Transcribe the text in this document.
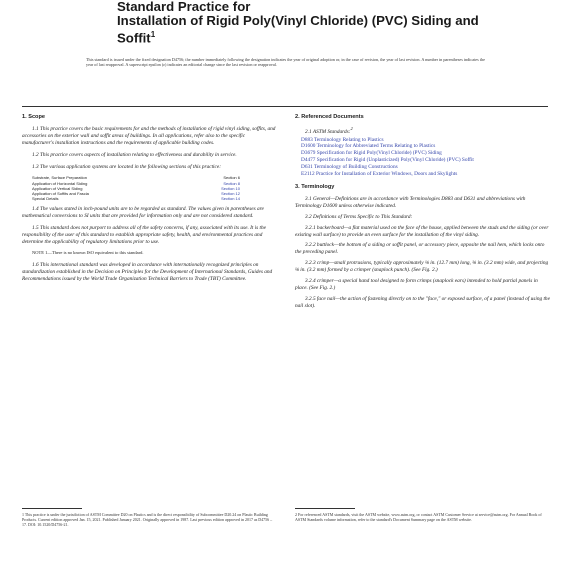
Standard Practice for
Installation of Rigid Poly(Vinyl Chloride) (PVC) Siding and
Soffit$^1$
This standard is issued under the fixed designation D4756; the number immediately following the designation indicates the year of original adoption or, in the case of revision, the year of last revision. A number in parentheses indicates the year of last reapproval. A superscript epsilon (ε) indicates an editorial change since the last revision or reapproval.
1. Scope
1.1 This practice covers the basic requirements for and the methods of installation of rigid vinyl siding, soffits, and accessories on the exterior wall and soffit areas of buildings. In all applications, refer also to the specific manufacturer's installation instructions and the requirements of applicable building codes.
1.2 This practice covers aspects of installation relating to effectiveness and durability in service.
1.3 The various application systems are located in the following sections of this practice:
Substrate, Surface Preparation	Section 6
Application of Horizontal Siding	Section 8
Application of Vertical Siding	Section 10
Application of Soffits and Fascia	Section 12
Special Details	Section 14
1.4 The values stated in inch-pound units are to be regarded as standard. The values given in parentheses are mathematical conversions to SI units that are provided for information only and are not considered standard.
1.5 This standard does not purport to address all of the safety concerns, if any, associated with its use. It is the responsibility of the user of this standard to establish appropriate safety, health, and environmental practices and determine the applicability of regulatory limitations prior to use.
NOTE 1—There is no known ISO equivalent to this standard.
1.6 This international standard was developed in accordance with internationally recognized principles on standardization established in the Decision on Principles for the Development of International Standards, Guides and Recommendations issued by the World Trade Organization Technical Barriers to Trade (TBT) Committee.
2. Referenced Documents
2.1 ASTM Standards:$^2$
D883 Terminology Relating to Plastics
D1600 Terminology for Abbreviated Terms Relating to Plastics
D3679 Specification for Rigid Poly(Vinyl Chloride) (PVC) Siding
D4477 Specification for Rigid (Unplasticized) Poly(Vinyl Chloride) (PVC) Soffit
D631 Terminology of Building Constructions
E2112 Practice for Installation of Exterior Windows, Doors and Skylights
3. Terminology
3.1 General—Definitions are in accordance with Terminologies D883 and D631 and abbreviations with Terminology D1600 unless otherwise indicated.
3.2 Definitions of Terms Specific to This Standard:
3.2.1 backerboard—a flat material used on the face of the house, applied between the studs and the siding (or over existing wall surface) to provide an even surface for the installation of the vinyl siding.
3.2.2 buttlock—the bottom of a siding or soffit panel, or accessory piece, opposite the nail hem, which locks onto the preceding panel.
3.2.3 crimp—small protrusions, typically approximately ⅛ in. (12.7 mm) long, ⅛ in. (3.2 mm) wide, and projecting ⅛ in. (3.2 mm) formed by a crimper (snaplock punch). (See Fig. 2.)
3.2.4 crimper—a special hand tool designed to form crimps (snaplock ears) intended to hold partial panels in place. (See Fig. 2.)
3.2.5 face nail—the action of fastening directly on to the "face," or exposed surface, of a panel (instead of using the nail slot).
1 This practice is under the jurisdiction of ASTM Committee D20 on Plastics and is the direct responsibility of Subcommittee D20.24 on Plastic Building Products. Current edition approved Jan. 15, 2021. Published January 2021. Originally approved in 1987. Last previous edition approved in 2017 as D4756 – 17. DOI: 10.1520/D4756-21.
2 For referenced ASTM standards, visit the ASTM website, www.astm.org, or contact ASTM Customer Service at service@astm.org. For Annual Book of ASTM Standards volume information, refer to the standard's Document Summary page on the ASTM website.
